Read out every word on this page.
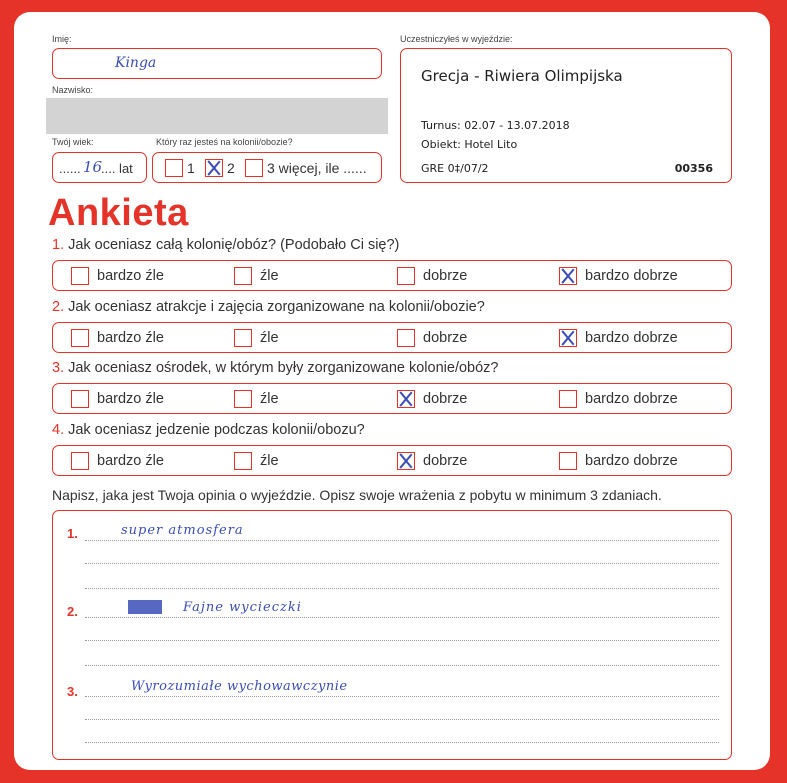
Imię:
Kinga
Nazwisko:
Twój wiek:
...... 16
.... lat
Który raz jesteś na kolonii/obozie?
1 2 3 więcej, ile ......
Uczestniczyłeś w wyjeździe:
Grecja - Riwiera Olimpijska
Turnus: 02.07 - 13.07.2018
Obiekt: Hotel Lito
GRE 0‡/07/2	00356
Ankieta
1. Jak oceniasz całą kolonię/obóz? (Podobało Ci się?)
bardzo źle	źle	dobrze	bardzo dobrze
2. Jak oceniasz atrakcje i zajęcia zorganizowane na kolonii/obozie?
bardzo źle	źle	dobrze	bardzo dobrze
3. Jak oceniasz ośrodek, w którym były zorganizowane kolonie/obóz?
bardzo źle	źle	dobrze	bardzo dobrze
4. Jak oceniasz jedzenie podczas kolonii/obozu?
bardzo źle	źle	dobrze	bardzo dobrze
Napisz, jaka jest Twoja opinia o wyjeździe. Opisz swoje wrażenia z pobytu w minimum 3 zdaniach.
1.	super atmosfera
2.	Fajne wycieczki
3.	Wyrozumiałe wychowawczynie
